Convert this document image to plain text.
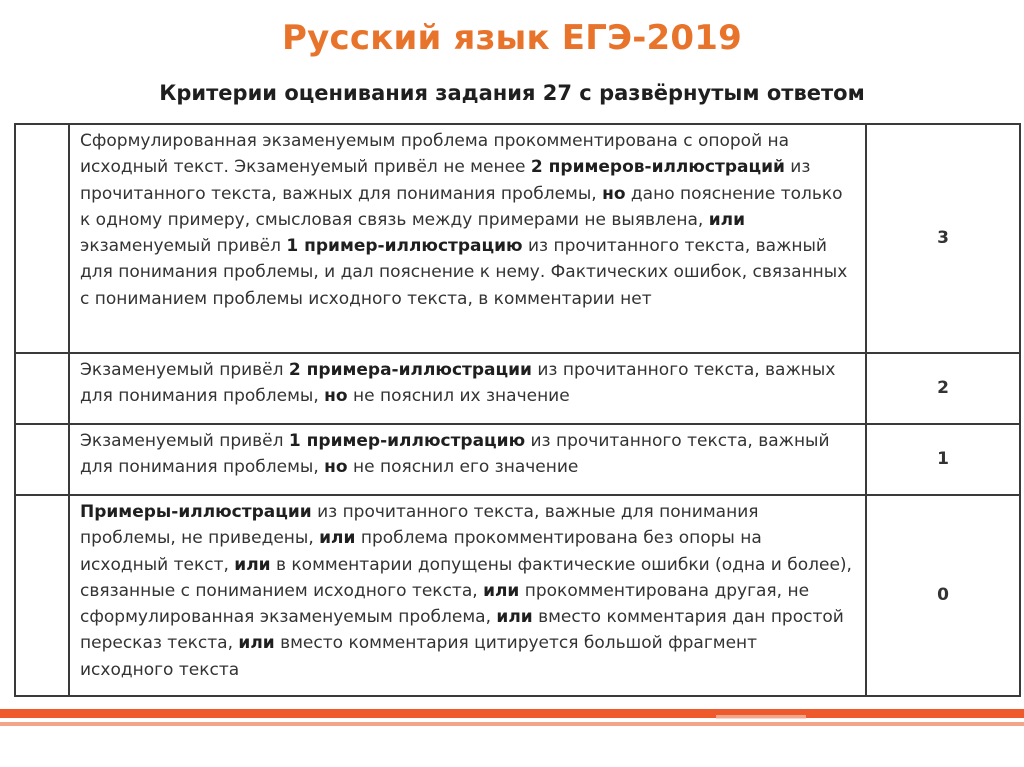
Русский язык ЕГЭ-2019
Критерии оценивания задания 27 с развёрнутым ответом
	Сформулированная экзаменуемым проблема прокомментирована с опорой на исходный текст. Экзаменуемый привёл не менее 2 примеров-иллюстраций из прочитанного текста, важных для понимания проблемы, но дано пояснение только к одному примеру, смысловая связь между примерами не выявлена, или экзаменуемый привёл 1 пример-иллюстрацию из прочитанного текста, важный для понимания проблемы, и дал пояснение к нему. Фактических ошибок, связанных с пониманием проблемы исходного текста, в комментарии нет	3
	Экзаменуемый привёл 2 примера-иллюстрации из прочитанного текста, важных для понимания проблемы, но не пояснил их значение	2
	Экзаменуемый привёл 1 пример-иллюстрацию из прочитанного текста, важный для понимания проблемы, но не пояснил его значение	1
	Примеры-иллюстрации из прочитанного текста, важные для понимания проблемы, не приведены, или проблема прокомментирована без опоры на исходный текст, или в комментарии допущены фактические ошибки (одна и более), связанные с пониманием исходного текста, или прокомментирована другая, не сформулированная экзаменуемым проблема, или вместо комментария дан простой пересказ текста, или вместо комментария цитируется большой фрагмент исходного текста	0
